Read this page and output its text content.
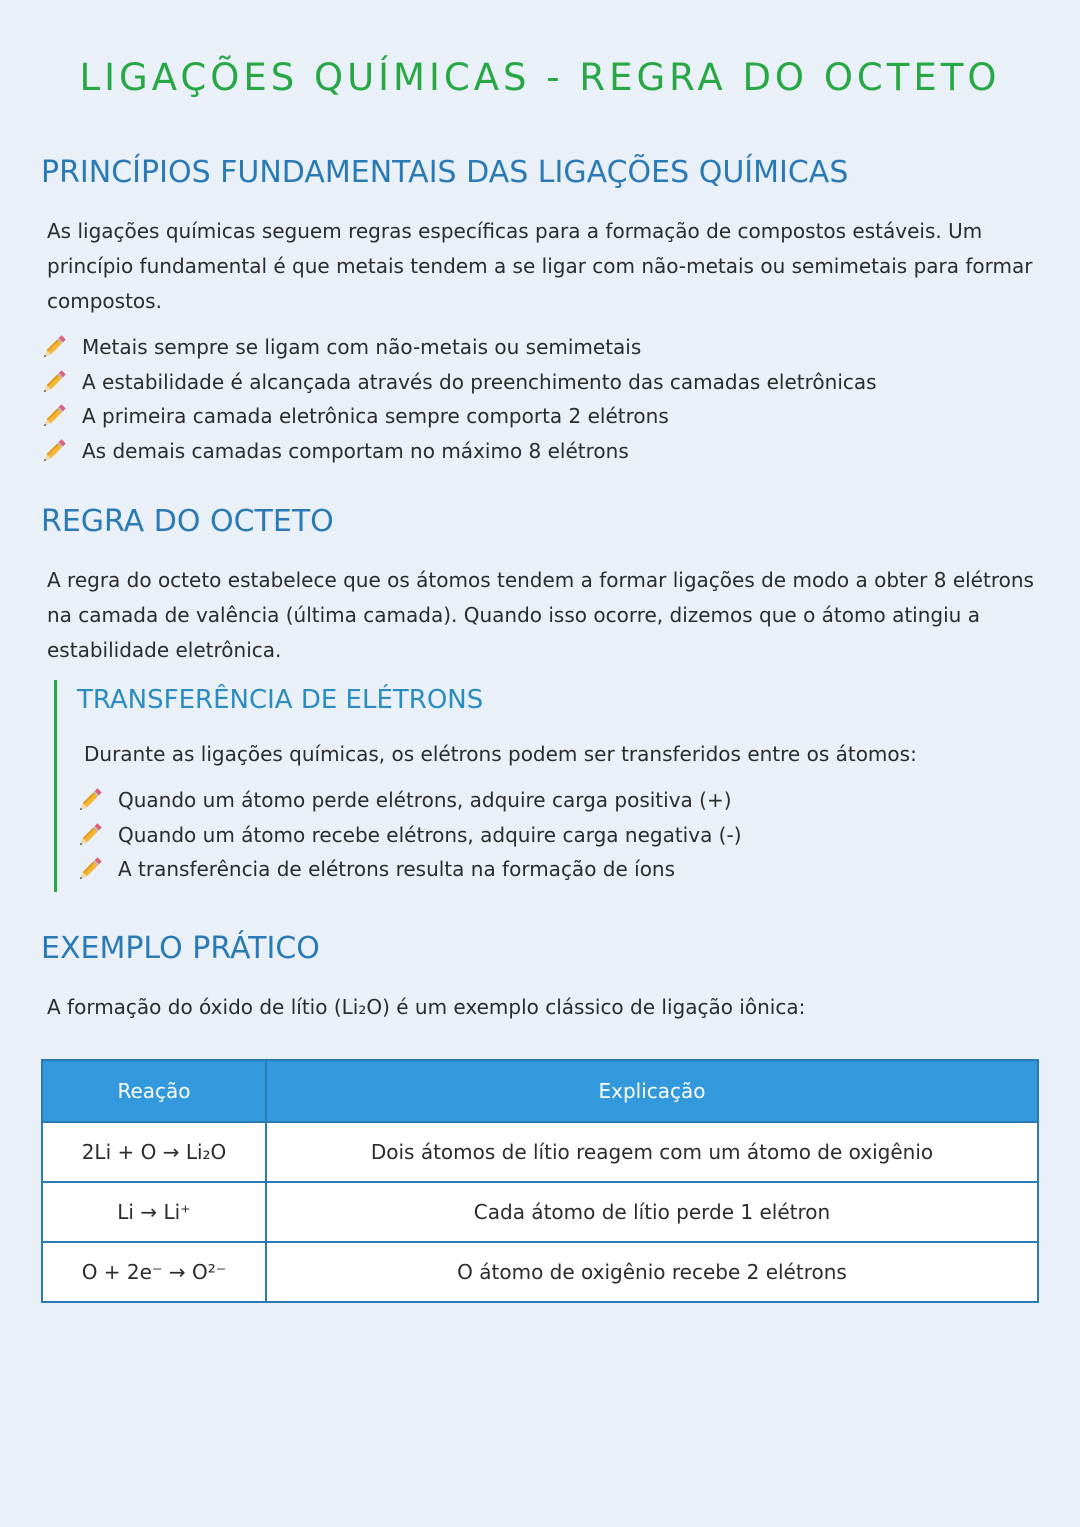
LIGAÇÕES QUÍMICAS - REGRA DO OCTETO
PRINCÍPIOS FUNDAMENTAIS DAS LIGAÇÕES QUÍMICAS

As ligações químicas seguem regras específicas para a formação de compostos estáveis. Um princípio fundamental é que metais tendem a se ligar com não-metais ou semimetais para formar compostos.

Metais sempre se ligam com não-metais ou semimetais
A estabilidade é alcançada através do preenchimento das camadas eletrônicas
A primeira camada eletrônica sempre comporta 2 elétrons
As demais camadas comportam no máximo 8 elétrons
REGRA DO OCTETO

A regra do octeto estabelece que os átomos tendem a formar ligações de modo a obter 8 elétrons na camada de valência (última camada). Quando isso ocorre, dizemos que o átomo atingiu a estabilidade eletrônica.

TRANSFERÊNCIA DE ELÉTRONS

Durante as ligações químicas, os elétrons podem ser transferidos entre os átomos:

Quando um átomo perde elétrons, adquire carga positiva (+)
Quando um átomo recebe elétrons, adquire carga negativa (-)
A transferência de elétrons resulta na formação de íons
EXEMPLO PRÁTICO

A formação do óxido de lítio (Li₂O) é um exemplo clássico de ligação iônica:

Reação	Explicação
2Li + O → Li₂O	Dois átomos de lítio reagem com um átomo de oxigênio
Li → Li⁺	Cada átomo de lítio perde 1 elétron
O + 2e⁻ → O²⁻	O átomo de oxigênio recebe 2 elétrons
